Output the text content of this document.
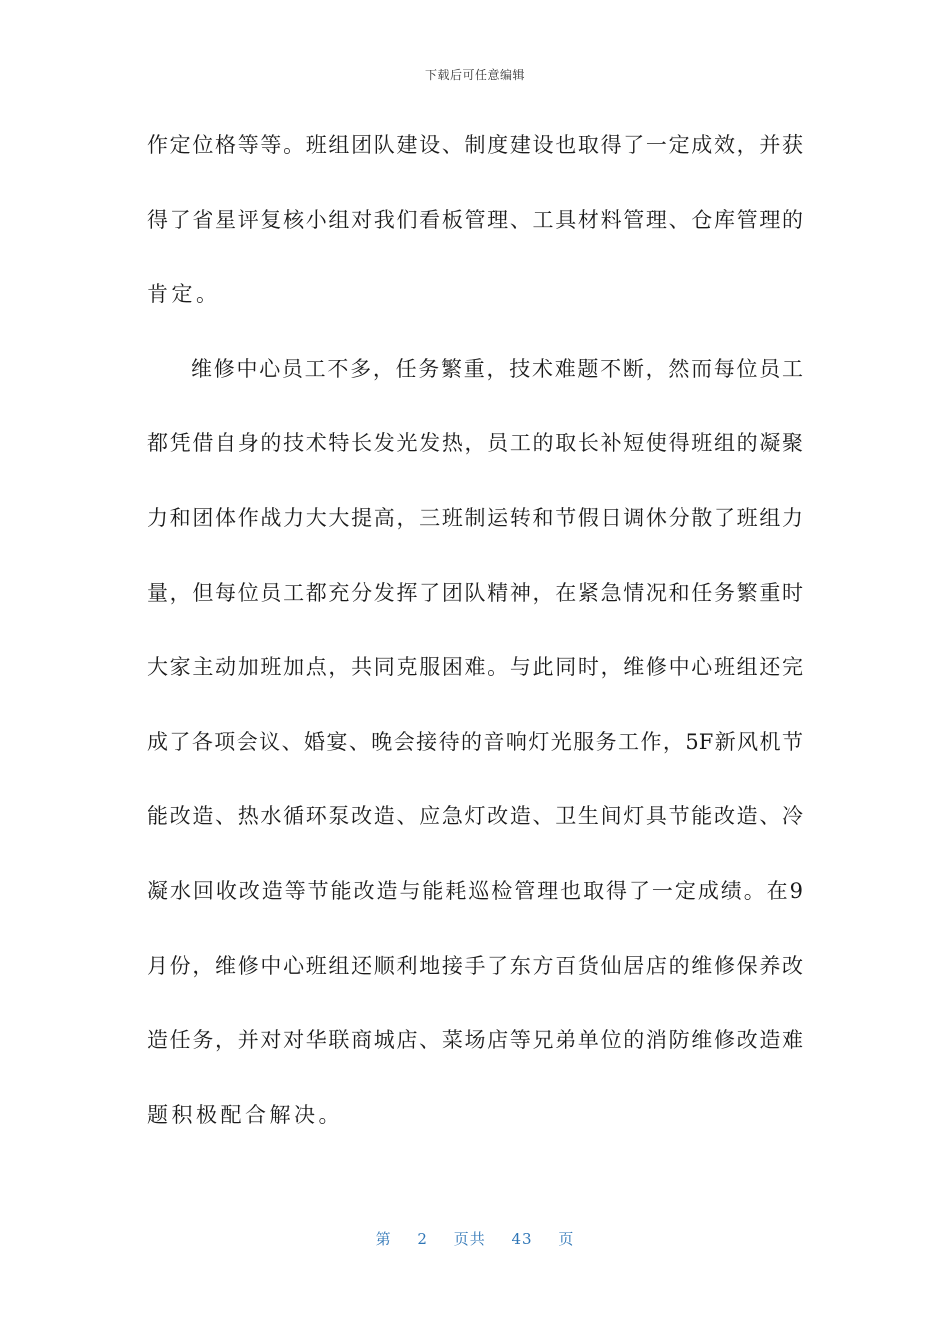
下载后可任意编辑
作定位格等等。班组团队建设、制度建设也取得了一定成效，并获
得了省星评复核小组对我们看板管理、工具材料管理、仓库管理的
肯定。
维修中心员工不多，任务繁重，技术难题不断，然而每位员工
都凭借自身的技术特长发光发热，员工的取长补短使得班组的凝聚
力和团体作战力大大提高，三班制运转和节假日调休分散了班组力
量，但每位员工都充分发挥了团队精神，在紧急情况和任务繁重时
大家主动加班加点，共同克服困难。与此同时，维修中心班组还完
成了各项会议、婚宴、晚会接待的音响灯光服务工作，5F新风机节
能改造、热水循环泵改造、应急灯改造、卫生间灯具节能改造、冷
凝水回收改造等节能改造与能耗巡检管理也取得了一定成绩。在9
月份，维修中心班组还顺利地接手了东方百货仙居店的维修保养改
造任务，并对对华联商城店、菜场店等兄弟单位的消防维修改造难
题积极配合解决。
第 2 页共 43 页
